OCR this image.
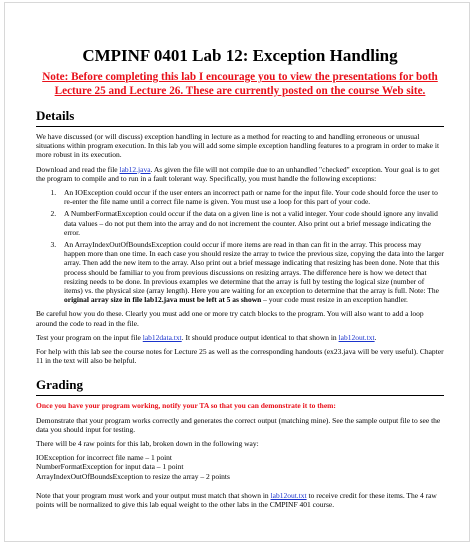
CMPINF 0401 Lab 12: Exception Handling
Note: Before completing this lab I encourage you to view the presentations for both Lecture 25 and Lecture 26. These are currently posted on the course Web site.
Details

We have discussed (or will discuss) exception handling in lecture as a method for reacting to and handling erroneous or unusual situations within program execution. In this lab you will add some simple exception handling features to a program in order to make it more robust in its execution.

Download and read the file lab12.java. As given the file will not compile due to an unhandled "checked" exception. Your goal is to get the program to compile and to run in a fault tolerant way. Specifically, you must handle the following exceptions:

1. An IOException could occur if the user enters an incorrect path or name for the input file. Your code should force the user to re-enter the file name until a correct file name is given. You must use a loop for this part of your code.
2. A NumberFormatException could occur if the data on a given line is not a valid integer. Your code should ignore any invalid data values – do not put them into the array and do not increment the counter. Also print out a brief message indicating the error.
3. An ArrayIndexOutOfBoundsException could occur if more items are read in than can fit in the array. This process may happen more than one time. In each case you should resize the array to twice the previous size, copying the data into the larger array. Then add the new item to the array. Also print out a brief message indicating that resizing has been done. Note that this process should be familiar to you from previous discussions on resizing arrays. The difference here is how we detect that resizing needs to be done. In previous examples we determine that the array is full by testing the logical size (number of items) vs. the physical size (array length). Here you are waiting for an exception to determine that the array is full. Note: The original array size in file lab12.java must be left at 5 as shown – your code must resize in an exception handler.

Be careful how you do these. Clearly you must add one or more try catch blocks to the program. You will also want to add a loop around the code to read in the file.

Test your program on the input file lab12data.txt. It should produce output identical to that shown in lab12out.txt.

For help with this lab see the course notes for Lecture 25 as well as the corresponding handouts (ex23.java will be very useful). Chapter 11 in the text will also be helpful.

Grading

Once you have your program working, notify your TA so that you can demonstrate it to them:

Demonstrate that your program works correctly and generates the correct output (matching mine). See the sample output file to see the data you should input for testing.

There will be 4 raw points for this lab, broken down in the following way:

IOException for incorrect file name – 1 point

NumberFormatException for input data – 1 point

ArrayIndexOutOfBoundsException to resize the array – 2 points

Note that your program must work and your output must match that shown in lab12out.txt to receive credit for these items. The 4 raw points will be normalized to give this lab equal weight to the other labs in the CMPINF 401 course.
